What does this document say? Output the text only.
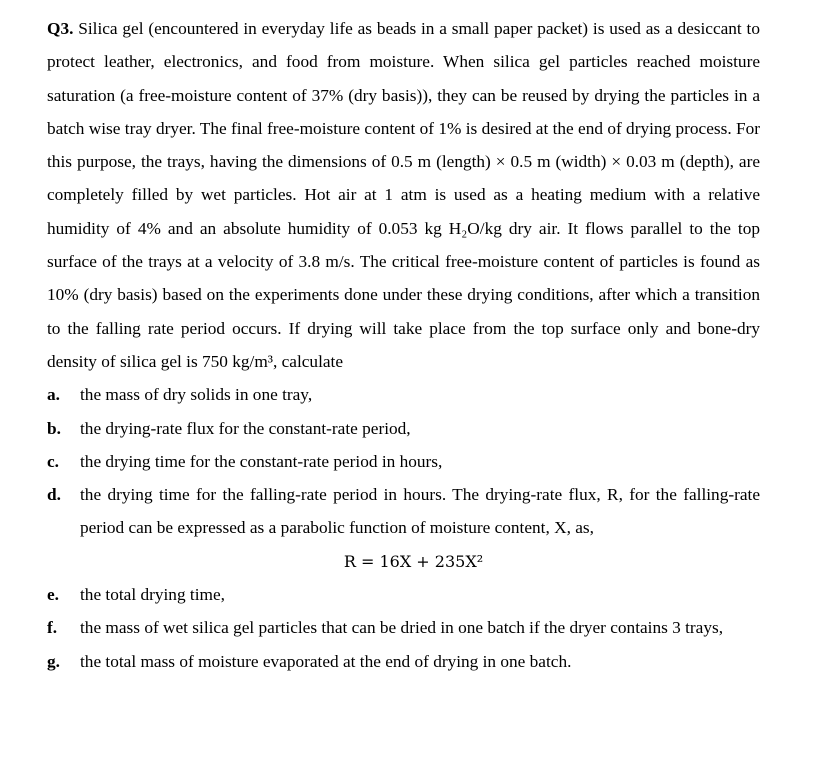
Q3. Silica gel (encountered in everyday life as beads in a small paper packet) is used as a desiccant to protect leather, electronics, and food from moisture. When silica gel particles reached moisture saturation (a free-moisture content of 37% (dry basis)), they can be reused by drying the particles in a batch wise tray dryer. The final free-moisture content of 1% is desired at the end of drying process. For this purpose, the trays, having the dimensions of 0.5 m (length) × 0.5 m (width) × 0.03 m (depth), are completely filled by wet particles. Hot air at 1 atm is used as a heating medium with a relative humidity of 4% and an absolute humidity of 0.053 kg H₂O/kg dry air. It flows parallel to the top surface of the trays at a velocity of 3.8 m/s. The critical free-moisture content of particles is found as 10% (dry basis) based on the experiments done under these drying conditions, after which a transition to the falling rate period occurs. If drying will take place from the top surface only and bone-dry density of silica gel is 750 kg/m³, calculate

a.	the mass of dry solids in one tray,
b.	the drying-rate flux for the constant-rate period,
c.	the drying time for the constant-rate period in hours,
d.	the drying time for the falling-rate period in hours. The drying-rate flux, R, for the falling-rate period can be expressed as a parabolic function of moisture content, X, as,

R = 16X + 235X²

e.	the total drying time,
f.	the mass of wet silica gel particles that can be dried in one batch if the dryer contains 3 trays,
g.	the total mass of moisture evaporated at the end of drying in one batch.
